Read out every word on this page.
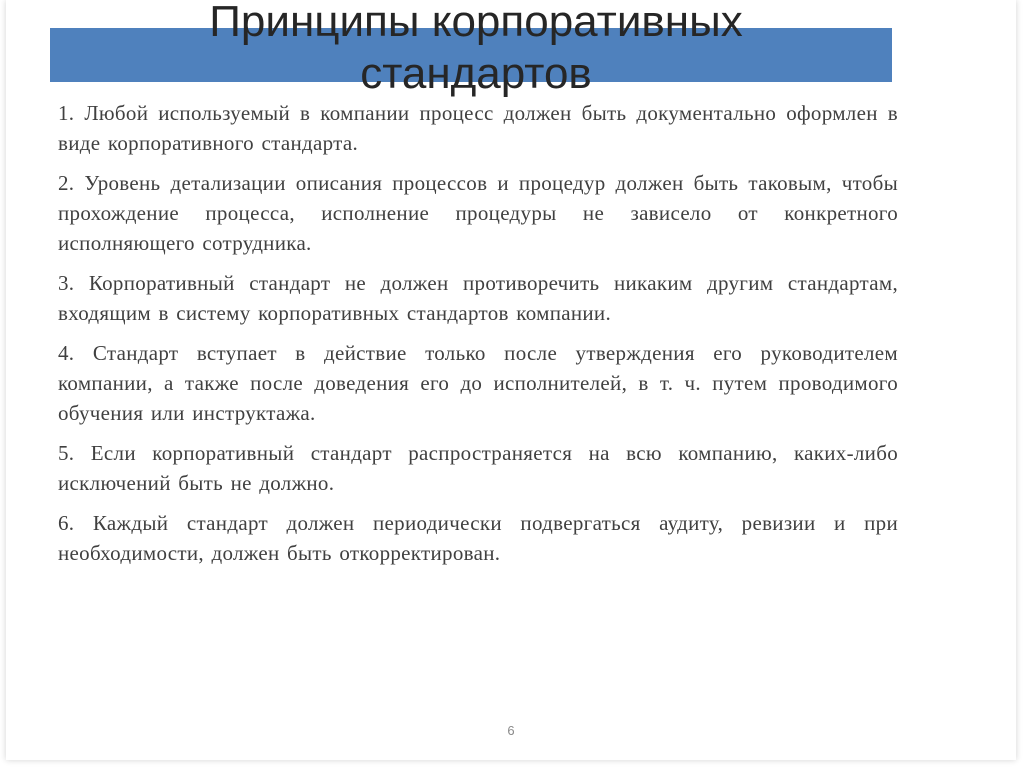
Принципы корпоративных
стандартов

1. Любой используемый в компании процесс должен быть документально оформлен в виде корпоративного стандарта.

2. Уровень детализации описания процессов и процедур должен быть таковым, чтобы прохождение процесса, исполнение процедуры не зависело от конкретного исполняющего сотрудника.

3. Корпоративный стандарт не должен противоречить никаким другим стандартам, входящим в систему корпоративных стандартов компании.

4. Стандарт вступает в действие только после утверждения его руководителем компании, а также после доведения его до исполнителей, в т. ч. путем проводимого обучения или инструктажа.

5. Если корпоративный стандарт распространяется на всю компанию, каких-либо исключений быть не должно.

6. Каждый стандарт должен периодически подвергаться аудиту, ревизии и при необходимости, должен быть откорректирован.

6
